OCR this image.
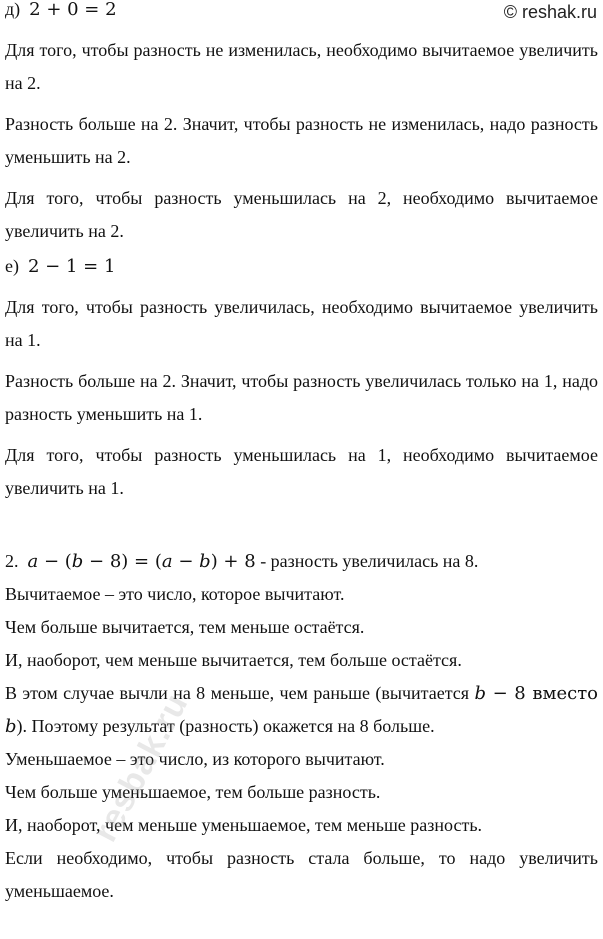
© reshak.ru

д) 2 + 0 = 2

Для того, чтобы разность не изменилась, необходимо вычитаемое увеличить на 2.

Разность больше на 2. Значит, чтобы разность не изменилась, надо разность уменьшить на 2.

Для того, чтобы разность уменьшилась на 2, необходимо вычитаемое увеличить на 2.

е) 2 − 1 = 1

Для того, чтобы разность увеличилась, необходимо вычитаемое увеличить на 1.

Разность больше на 2. Значит, чтобы разность увеличилась только на 1, надо разность уменьшить на 1.

Для того, чтобы разность уменьшилась на 1, необходимо вычитаемое увеличить на 1.

2. a − (b − 8) = (a − b) + 8 - разность увеличилась на 8.

Вычитаемое – это число, которое вычитают.

Чем больше вычитается, тем меньше остаётся.

И, наоборот, чем меньше вычитается, тем больше остаётся.

В этом случае вычли на 8 меньше, чем раньше (вычитается b − 8 вместо b). Поэтому результат (разность) окажется на 8 больше.

Уменьшаемое – это число, из которого вычитают.

Чем больше уменьшаемое, тем больше разность.

И, наоборот, чем меньше уменьшаемое, тем меньше разность.

Если необходимо, чтобы разность стала больше, то надо увеличить уменьшаемое.

resbak.ru
